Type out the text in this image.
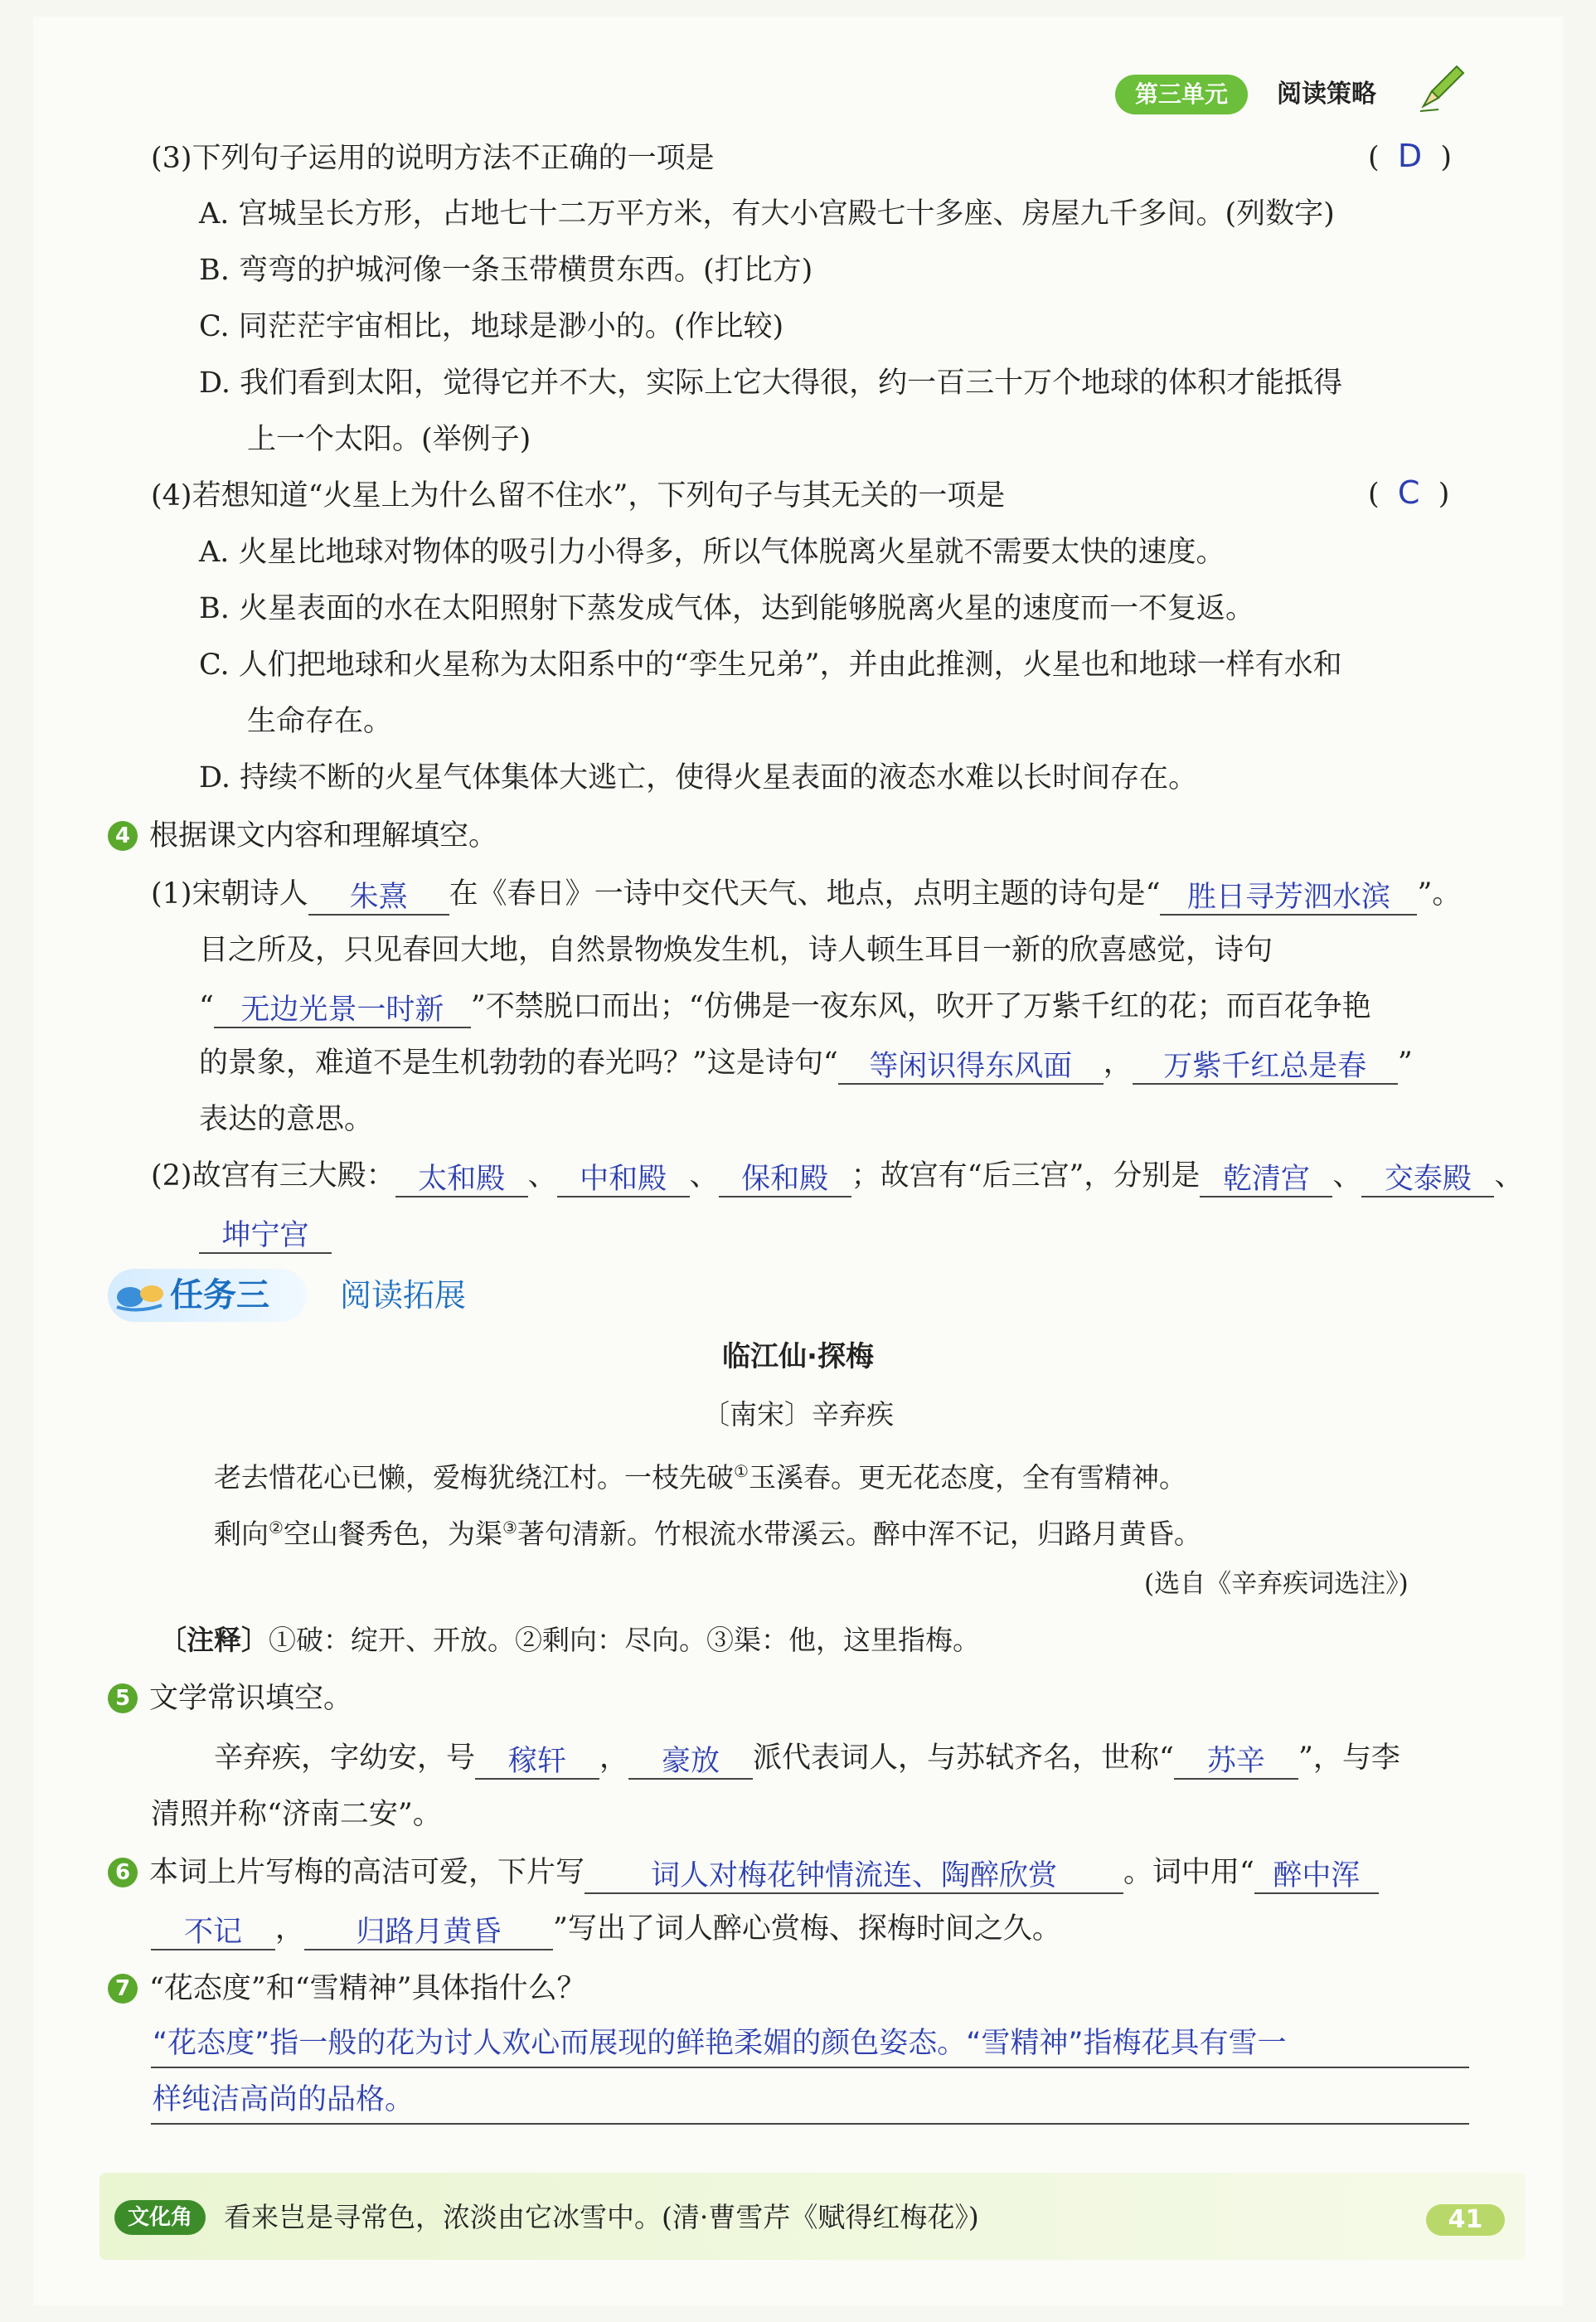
第三单元	阅读策略
(3)下列句子运用的说明方法不正确的一项是	(  D  )
A. 宫城呈长方形，占地七十二万平方米，有大小宫殿七十多座、房屋九千多间。(列数字)
B. 弯弯的护城河像一条玉带横贯东西。(打比方)
C. 同茫茫宇宙相比，地球是渺小的。(作比较)
D. 我们看到太阳，觉得它并不大，实际上它大得很，约一百三十万个地球的体积才能抵得
上一个太阳。(举例子)
(4)若想知道“火星上为什么留不住水”，下列句子与其无关的一项是	(  C  )
A. 火星比地球对物体的吸引力小得多，所以气体脱离火星就不需要太快的速度。
B. 火星表面的水在太阳照射下蒸发成气体，达到能够脱离火星的速度而一不复返。
C. 人们把地球和火星称为太阳系中的“孪生兄弟”，并由此推测，火星也和地球一样有水和
生命存在。
D. 持续不断的火星气体集体大逃亡，使得火星表面的液态水难以长时间存在。
4 根据课文内容和理解填空。
(1)宋朝诗人 朱熹 在《春日》一诗中交代天气、地点，点明主题的诗句是“ 胜日寻芳泗水滨 ”。
目之所及，只见春回大地，自然景物焕发生机，诗人顿生耳目一新的欣喜感觉，诗句
“ 无边光景一时新 ”不禁脱口而出；“仿佛是一夜东风，吹开了万紫千红的花；而百花争艳
的景象，难道不是生机勃勃的春光吗？”这是诗句“ 等闲识得东风面 ， 万紫千红总是春 ”
表达的意思。
(2)故宫有三大殿： 太和殿 、 中和殿 、 保和殿 ；故宫有“后三宫”，分别是 乾清宫 、 交泰殿 、
坤宁宫
任务三 阅读拓展
临江仙·探梅
〔南宋〕辛弃疾
老去惜花心已懒，爱梅犹绕江村。一枝先破①玉溪春。更无花态度，全有雪精神。
剩向②空山餐秀色，为渠③著句清新。竹根流水带溪云。醉中浑不记，归路月黄昏。
(选自《辛弃疾词选注》)
〔注释〕①破：绽开、开放。②剩向：尽向。③渠：他，这里指梅。
5 文学常识填空。
辛弃疾，字幼安，号 稼轩 ， 豪放 派代表词人，与苏轼齐名，世称“ 苏辛 ”，与李
清照并称“济南二安”。
6 本词上片写梅的高洁可爱，下片写 词人对梅花钟情流连、陶醉欣赏 。词中用“ 醉中浑
不记 ， 归路月黄昏 ”写出了词人醉心赏梅、探梅时间之久。
7 “花态度”和“雪精神”具体指什么？
“花态度”指一般的花为讨人欢心而展现的鲜艳柔媚的颜色姿态。“雪精神”指梅花具有雪一
样纯洁高尚的品格。
文化角	看来岂是寻常色，浓淡由它冰雪中。(清·曹雪芹《赋得红梅花》)	41
